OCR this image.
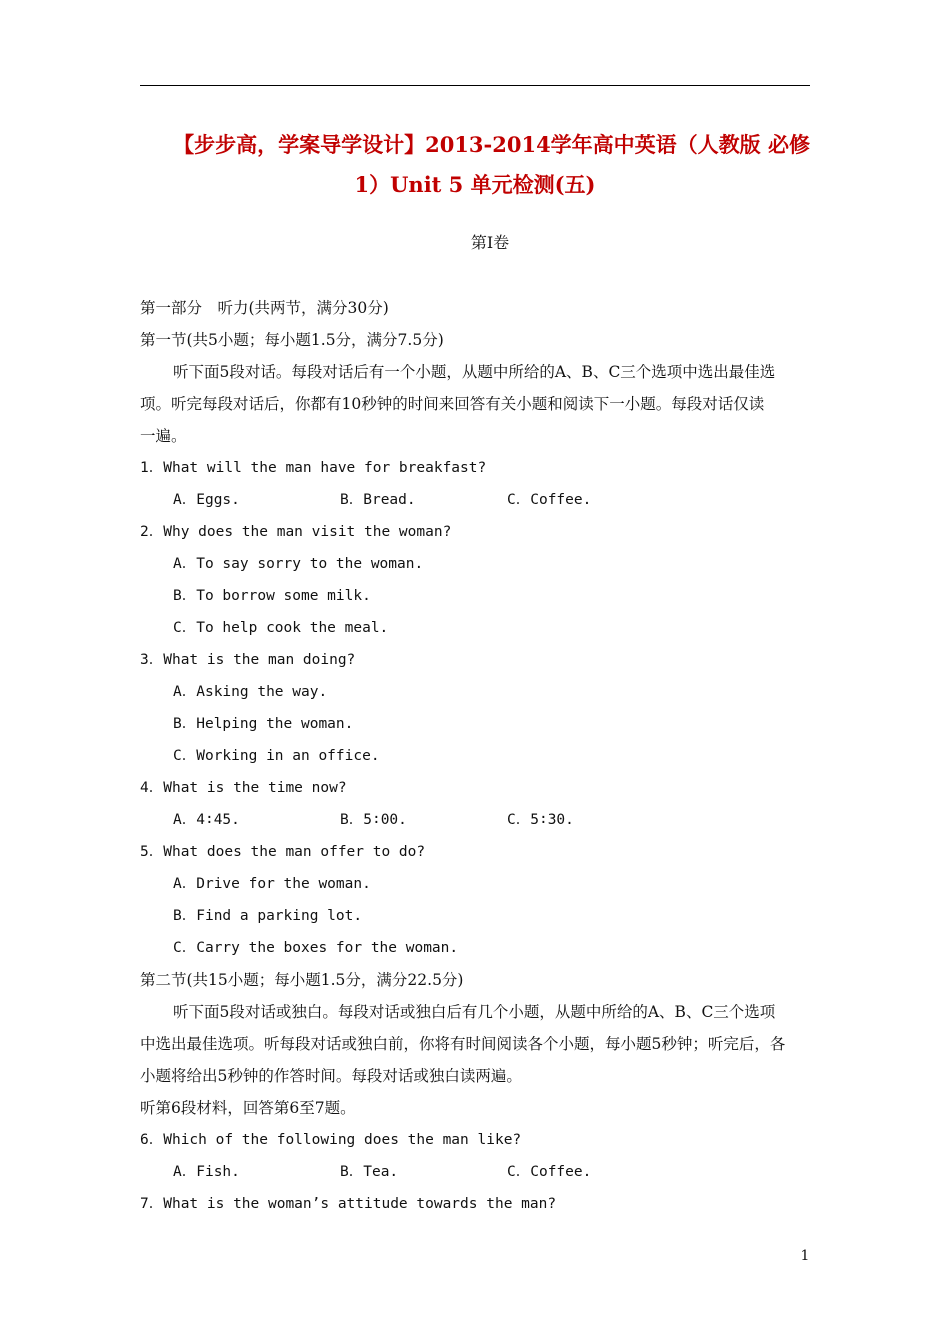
【步步高，学案导学设计】2013-2014学年高中英语（人教版 必修
1）Unit 5 单元检测(五)
第Ⅰ卷
第一部分　听力(共两节，满分30分)
第一节(共5小题；每小题1.5分，满分7.5分)
听下面5段对话。每段对话后有一个小题，从题中所给的A、B、C三个选项中选出最佳选
项。听完每段对话后，你都有10秒钟的时间来回答有关小题和阅读下一小题。每段对话仅读
一遍。
1．What will the man have for breakfast?
A．Eggs.	B．Bread.	C．Coffee.
2．Why does the man visit the woman?
A．To say sorry to the woman.
B．To borrow some milk.
C．To help cook the meal.
3．What is the man doing?
A．Asking the way.
B．Helping the woman.
C．Working in an office.
4．What is the time now?
A．4∶45.	B．5∶00.	C．5∶30.
5．What does the man offer to do?
A．Drive for the woman.
B．Find a parking lot.
C．Carry the boxes for the woman.
第二节(共15小题；每小题1.5分，满分22.5分)
听下面5段对话或独白。每段对话或独白后有几个小题，从题中所给的A、B、C三个选项
中选出最佳选项。听每段对话或独白前，你将有时间阅读各个小题，每小题5秒钟；听完后，各
小题将给出5秒钟的作答时间。每段对话或独白读两遍。
听第6段材料，回答第6至7题。
6．Which of the following does the man like?
A．Fish.	B．Tea.	C．Coffee.
7．What is the woman’s attitude towards the man?
1
